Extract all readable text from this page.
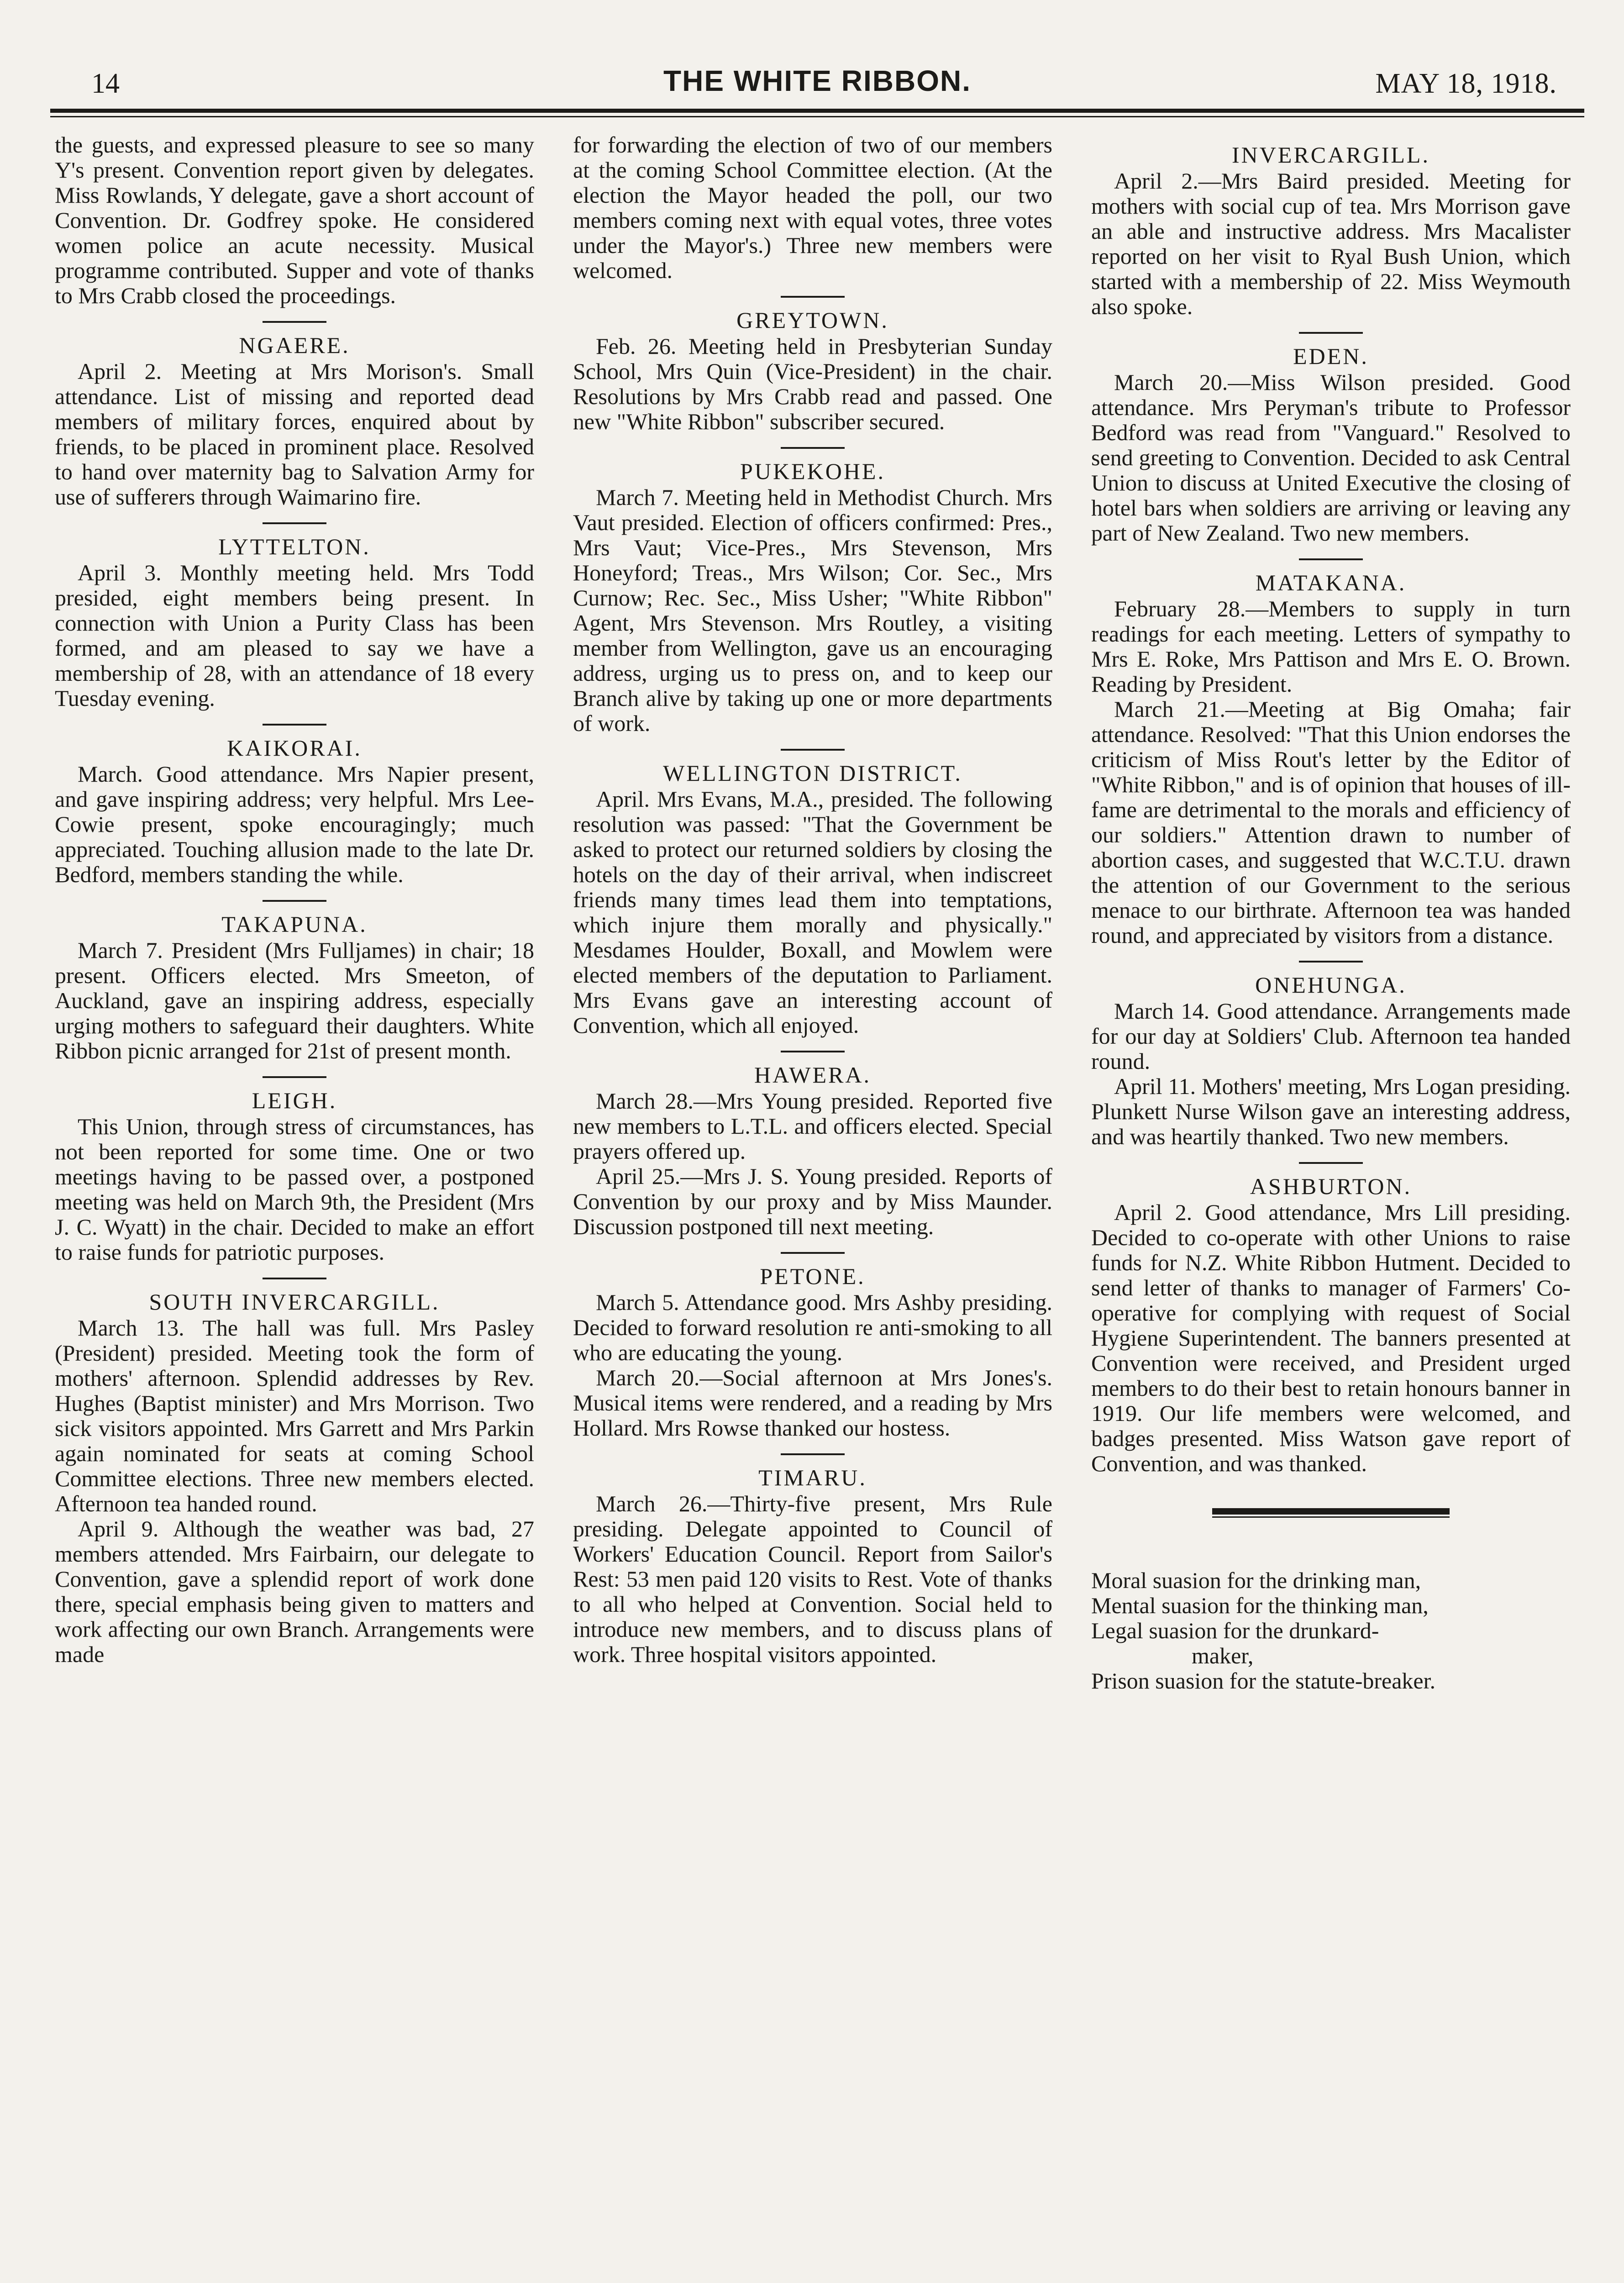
14	THE WHITE RIBBON.	MAY 18, 1918.

the guests, and expressed pleasure to see so many Y's present. Convention report given by delegates. Miss Rowlands, Y delegate, gave a short account of Convention. Dr. Godfrey spoke. He considered women police an acute necessity. Musical programme contributed. Supper and vote of thanks to Mrs Crabb closed the proceedings.

NGAERE.

April 2. Meeting at Mrs Morison's. Small attendance. List of missing and reported dead members of military forces, enquired about by friends, to be placed in prominent place. Resolved to hand over maternity bag to Salvation Army for use of sufferers through Waimarino fire.

LYTTELTON.

April 3. Monthly meeting held. Mrs Todd presided, eight members being present. In connection with Union a Purity Class has been formed, and am pleased to say we have a membership of 28, with an attendance of 18 every Tuesday evening.

KAIKORAI.

March. Good attendance. Mrs Napier present, and gave inspiring address; very helpful. Mrs Lee-Cowie present, spoke encouragingly; much appreciated. Touching allusion made to the late Dr. Bedford, members standing the while.

TAKAPUNA.

March 7. President (Mrs Fulljames) in chair; 18 present. Officers elected. Mrs Smeeton, of Auckland, gave an inspiring address, especially urging mothers to safeguard their daughters. White Ribbon picnic arranged for 21st of present month.

LEIGH.

This Union, through stress of circumstances, has not been reported for some time. One or two meetings having to be passed over, a postponed meeting was held on March 9th, the President (Mrs J. C. Wyatt) in the chair. Decided to make an effort to raise funds for patriotic purposes.

SOUTH INVERCARGILL.

March 13. The hall was full. Mrs Pasley (President) presided. Meeting took the form of mothers' afternoon. Splendid addresses by Rev. Hughes (Baptist minister) and Mrs Morrison. Two sick visitors appointed. Mrs Garrett and Mrs Parkin again nominated for seats at coming School Committee elections. Three new members elected. Afternoon tea handed round.

April 9. Although the weather was bad, 27 members attended. Mrs Fairbairn, our delegate to Convention, gave a splendid report of work done there, special emphasis being given to matters and work affecting our own Branch. Arrangements were made

for forwarding the election of two of our members at the coming School Committee election. (At the election the Mayor headed the poll, our two members coming next with equal votes, three votes under the Mayor's.) Three new members were welcomed.

GREYTOWN.

Feb. 26. Meeting held in Presbyterian Sunday School, Mrs Quin (Vice-President) in the chair. Resolutions by Mrs Crabb read and passed. One new "White Ribbon" subscriber secured.

PUKEKOHE.

March 7. Meeting held in Methodist Church. Mrs Vaut presided. Election of officers confirmed: Pres., Mrs Vaut; Vice-Pres., Mrs Stevenson, Mrs Honeyford; Treas., Mrs Wilson; Cor. Sec., Mrs Curnow; Rec. Sec., Miss Usher; "White Ribbon" Agent, Mrs Stevenson. Mrs Routley, a visiting member from Wellington, gave us an encouraging address, urging us to press on, and to keep our Branch alive by taking up one or more departments of work.

WELLINGTON DISTRICT.

April. Mrs Evans, M.A., presided. The following resolution was passed: "That the Government be asked to protect our returned soldiers by closing the hotels on the day of their arrival, when indiscreet friends many times lead them into temptations, which injure them morally and physically." Mesdames Houlder, Boxall, and Mowlem were elected members of the deputation to Parliament. Mrs Evans gave an interesting account of Convention, which all enjoyed.

HAWERA.

March 28.—Mrs Young presided. Reported five new members to L.T.L. and officers elected. Special prayers offered up.

April 25.—Mrs J. S. Young presided. Reports of Convention by our proxy and by Miss Maunder. Discussion postponed till next meeting.

PETONE.

March 5. Attendance good. Mrs Ashby presiding. Decided to forward resolution re anti-smoking to all who are educating the young.

March 20.—Social afternoon at Mrs Jones's. Musical items were rendered, and a reading by Mrs Hollard. Mrs Rowse thanked our hostess.

TIMARU.

March 26.—Thirty-five present, Mrs Rule presiding. Delegate appointed to Council of Workers' Education Council. Report from Sailor's Rest: 53 men paid 120 visits to Rest. Vote of thanks to all who helped at Convention. Social held to introduce new members, and to discuss plans of work. Three hospital visitors appointed.

INVERCARGILL.

April 2.—Mrs Baird presided. Meeting for mothers with social cup of tea. Mrs Morrison gave an able and instructive address. Mrs Macalister reported on her visit to Ryal Bush Union, which started with a membership of 22. Miss Weymouth also spoke.

EDEN.

March 20.—Miss Wilson presided. Good attendance. Mrs Peryman's tribute to Professor Bedford was read from "Vanguard." Resolved to send greeting to Convention. Decided to ask Central Union to discuss at United Executive the closing of hotel bars when soldiers are arriving or leaving any part of New Zealand. Two new members.

MATAKANA.

February 28.—Members to supply in turn readings for each meeting. Letters of sympathy to Mrs E. Roke, Mrs Pattison and Mrs E. O. Brown. Reading by President.

March 21.—Meeting at Big Omaha; fair attendance. Resolved: "That this Union endorses the criticism of Miss Rout's letter by the Editor of "White Ribbon," and is of opinion that houses of ill-fame are detrimental to the morals and efficiency of our soldiers." Attention drawn to number of abortion cases, and suggested that W.C.T.U. drawn the attention of our Government to the serious menace to our birthrate. Afternoon tea was handed round, and appreciated by visitors from a distance.

ONEHUNGA.

March 14. Good attendance. Arrangements made for our day at Soldiers' Club. Afternoon tea handed round.

April 11. Mothers' meeting, Mrs Logan presiding. Plunkett Nurse Wilson gave an interesting address, and was heartily thanked. Two new members.

ASHBURTON.

April 2. Good attendance, Mrs Lill presiding. Decided to co-operate with other Unions to raise funds for N.Z. White Ribbon Hutment. Decided to send letter of thanks to manager of Farmers' Co-operative for complying with request of Social Hygiene Superintendent. The banners presented at Convention were received, and President urged members to do their best to retain honours banner in 1919. Our life members were welcomed, and badges presented. Miss Watson gave report of Convention, and was thanked.

Moral suasion for the drinking man,

Mental suasion for the thinking man,

Legal suasion for the drunkard-

maker,

Prison suasion for the statute-breaker.
